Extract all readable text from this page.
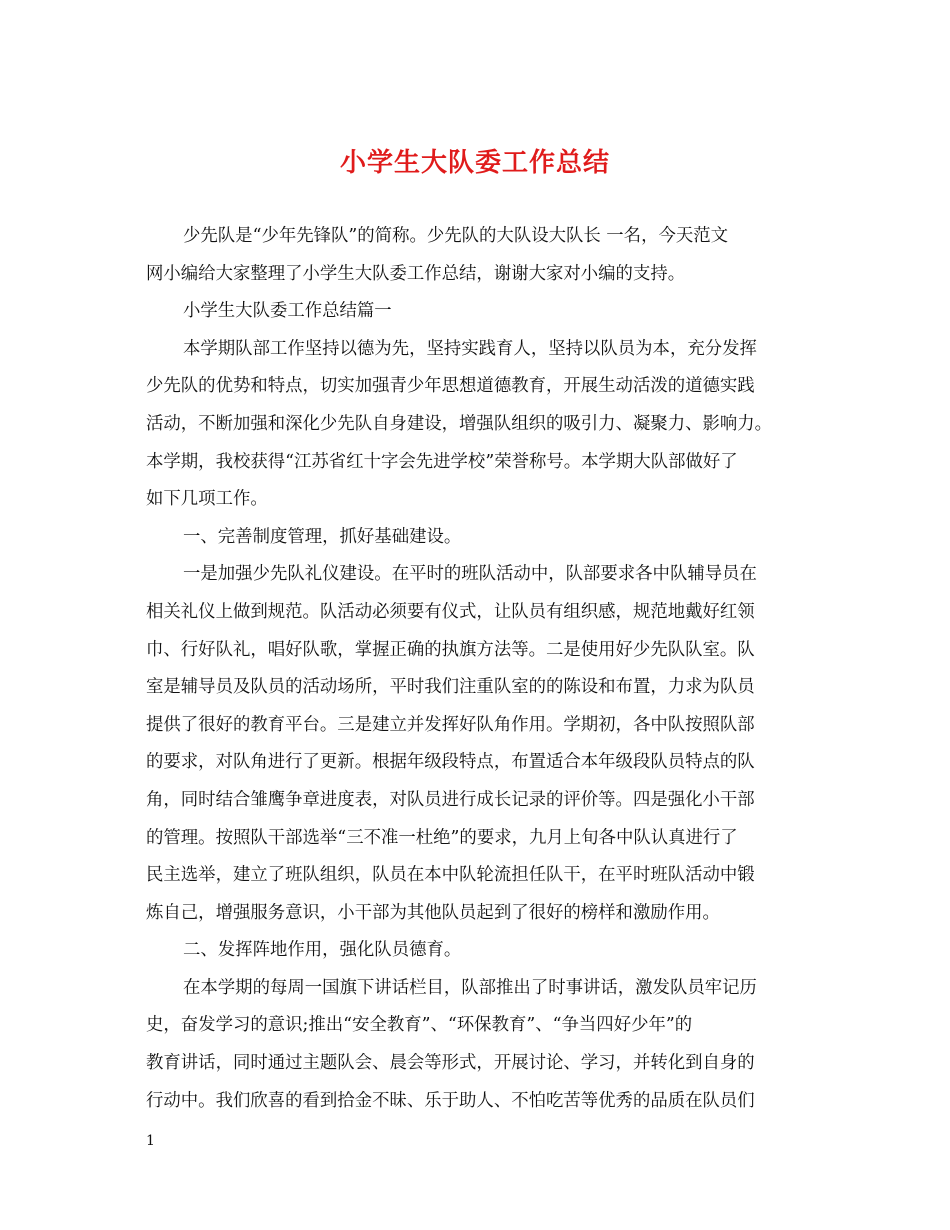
小学生大队委工作总结
少先队是“少年先锋队”的简称。少先队的大队设大队长 一名，今天范文
网小编给大家整理了小学生大队委工作总结，谢谢大家对小编的支持。
小学生大队委工作总结篇一
本学期队部工作坚持以德为先，坚持实践育人，坚持以队员为本，充分发挥
少先队的优势和特点，切实加强青少年思想道德教育，开展生动活泼的道德实践
活动，不断加强和深化少先队自身建设，增强队组织的吸引力、凝聚力、影响力。
本学期，我校获得“江苏省红十字会先进学校”荣誉称号。本学期大队部做好了
如下几项工作。
一、完善制度管理，抓好基础建设。
一是加强少先队礼仪建设。在平时的班队活动中，队部要求各中队辅导员在
相关礼仪上做到规范。队活动必须要有仪式，让队员有组织感，规范地戴好红领
巾、行好队礼，唱好队歌，掌握正确的执旗方法等。二是使用好少先队队室。队
室是辅导员及队员的活动场所，平时我们注重队室的的陈设和布置，力求为队员
提供了很好的教育平台。三是建立并发挥好队角作用。学期初，各中队按照队部
的要求，对队角进行了更新。根据年级段特点，布置适合本年级段队员特点的队
角，同时结合雏鹰争章进度表，对队员进行成长记录的评价等。四是强化小干部
的管理。按照队干部选举“三不准一杜绝”的要求，九月上旬各中队认真进行了
民主选举，建立了班队组织，队员在本中队轮流担任队干，在平时班队活动中锻
炼自己，增强服务意识，小干部为其他队员起到了很好的榜样和激励作用。
二、发挥阵地作用，强化队员德育。
在本学期的每周一国旗下讲话栏目，队部推出了时事讲话，激发队员牢记历
史，奋发学习的意识;推出“安全教育”、“环保教育”、“争当四好少年”的
教育讲话，同时通过主题队会、晨会等形式，开展讨论、学习，并转化到自身的
行动中。我们欣喜的看到拾金不昧、乐于助人、不怕吃苦等优秀的品质在队员们
1
